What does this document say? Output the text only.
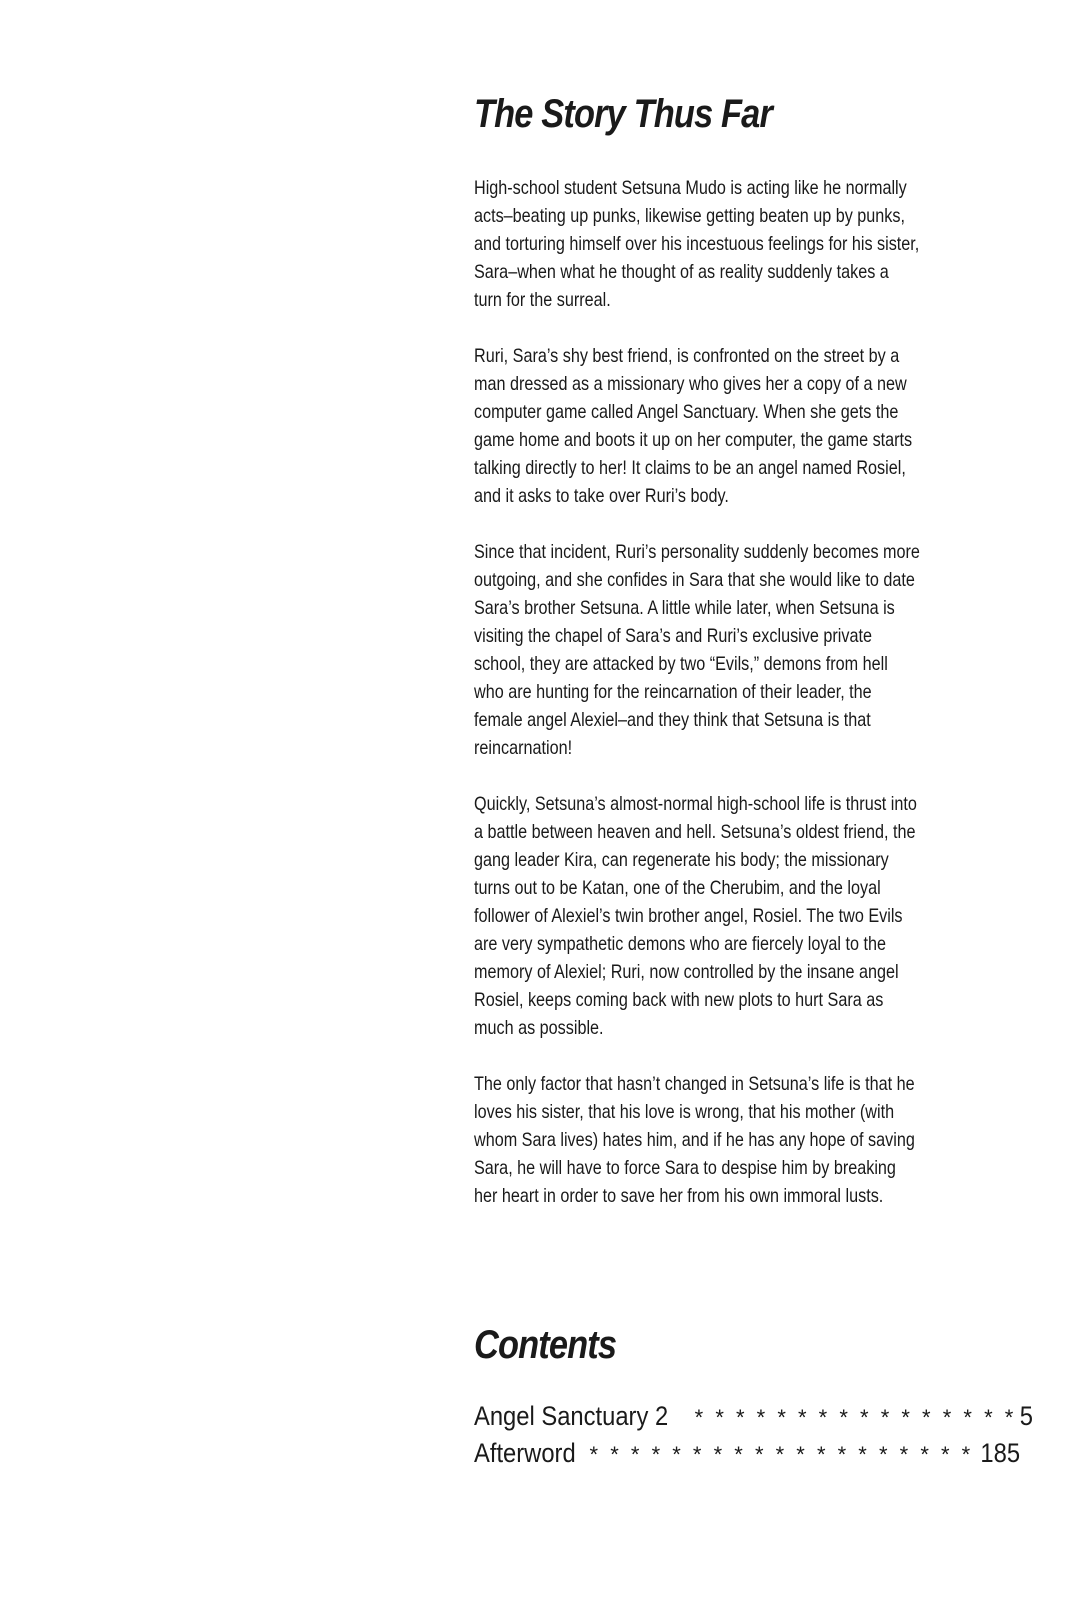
The Story Thus Far

High-school student Setsuna Mudo is acting like he normally
acts–beating up punks, likewise getting beaten up by punks,
and torturing himself over his incestuous feelings for his sister,
Sara–when what he thought of as reality suddenly takes a
turn for the surreal.

Ruri, Sara’s shy best friend, is confronted on the street by a
man dressed as a missionary who gives her a copy of a new
computer game called Angel Sanctuary. When she gets the
game home and boots it up on her computer, the game starts
talking directly to her! It claims to be an angel named Rosiel,
and it asks to take over Ruri’s body.

Since that incident, Ruri’s personality suddenly becomes more
outgoing, and she confides in Sara that she would like to date
Sara’s brother Setsuna. A little while later, when Setsuna is
visiting the chapel of Sara’s and Ruri’s exclusive private
school, they are attacked by two “Evils,” demons from hell
who are hunting for the reincarnation of their leader, the
female angel Alexiel–and they think that Setsuna is that
reincarnation!

Quickly, Setsuna’s almost-normal high-school life is thrust into
a battle between heaven and hell. Setsuna’s oldest friend, the
gang leader Kira, can regenerate his body; the missionary
turns out to be Katan, one of the Cherubim, and the loyal
follower of Alexiel’s twin brother angel, Rosiel. The two Evils
are very sympathetic demons who are fiercely loyal to the
memory of Alexiel; Ruri, now controlled by the insane angel
Rosiel, keeps coming back with new plots to hurt Sara as
much as possible.

The only factor that hasn’t changed in Setsuna’s life is that he
loves his sister, that his love is wrong, that his mother (with
whom Sara lives) hates him, and if he has any hope of saving
Sara, he will have to force Sara to despise him by breaking
her heart in order to save her from his own immoral lusts.

Contents
Angel Sanctuary 2 * * * * * * * * * * * * * * * * 5
Afterword * * * * * * * * * * * * * * * * * * * 185
